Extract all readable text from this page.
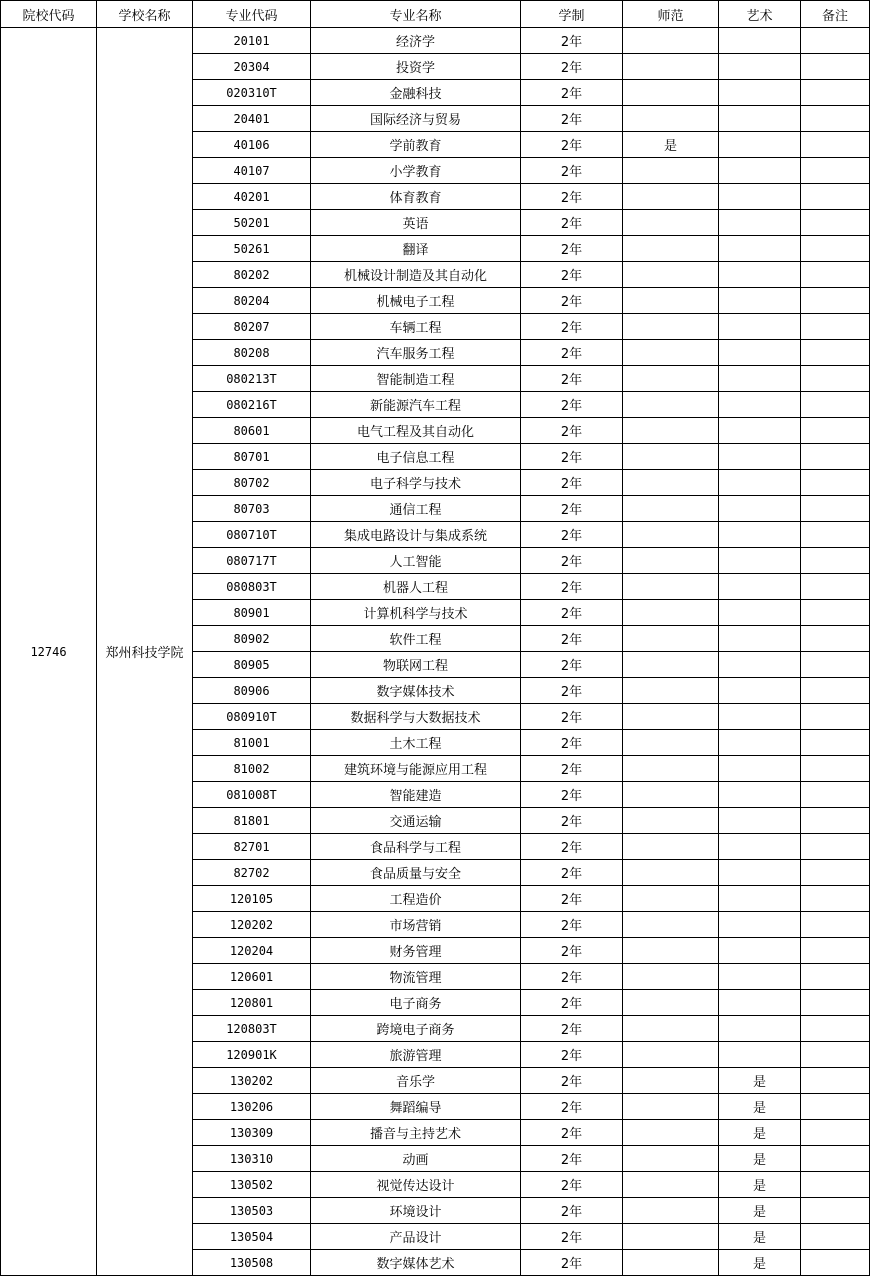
院校代码	学校名称	专业代码	专业名称	学制	师范	艺术	备注
12746	郑州科技学院	20101	经济学	2年			
		20304	投资学	2年			
		020310T	金融科技	2年			
		20401	国际经济与贸易	2年			
		40106	学前教育	2年	是		
		40107	小学教育	2年			
		40201	体育教育	2年			
		50201	英语	2年			
		50261	翻译	2年			
		80202	机械设计制造及其自动化	2年			
		80204	机械电子工程	2年			
		80207	车辆工程	2年			
		80208	汽车服务工程	2年			
		080213T	智能制造工程	2年			
		080216T	新能源汽车工程	2年			
		80601	电气工程及其自动化	2年			
		80701	电子信息工程	2年			
		80702	电子科学与技术	2年			
		80703	通信工程	2年			
		080710T	集成电路设计与集成系统	2年			
		080717T	人工智能	2年			
		080803T	机器人工程	2年			
		80901	计算机科学与技术	2年			
		80902	软件工程	2年			
		80905	物联网工程	2年			
		80906	数字媒体技术	2年			
		080910T	数据科学与大数据技术	2年			
		81001	土木工程	2年			
		81002	建筑环境与能源应用工程	2年			
		081008T	智能建造	2年			
		81801	交通运输	2年			
		82701	食品科学与工程	2年			
		82702	食品质量与安全	2年			
		120105	工程造价	2年			
		120202	市场营销	2年			
		120204	财务管理	2年			
		120601	物流管理	2年			
		120801	电子商务	2年			
		120803T	跨境电子商务	2年			
		120901K	旅游管理	2年			
		130202	音乐学	2年		是	
		130206	舞蹈编导	2年		是	
		130309	播音与主持艺术	2年		是	
		130310	动画	2年		是	
		130502	视觉传达设计	2年		是	
		130503	环境设计	2年		是	
		130504	产品设计	2年		是	
		130508	数字媒体艺术	2年		是	
